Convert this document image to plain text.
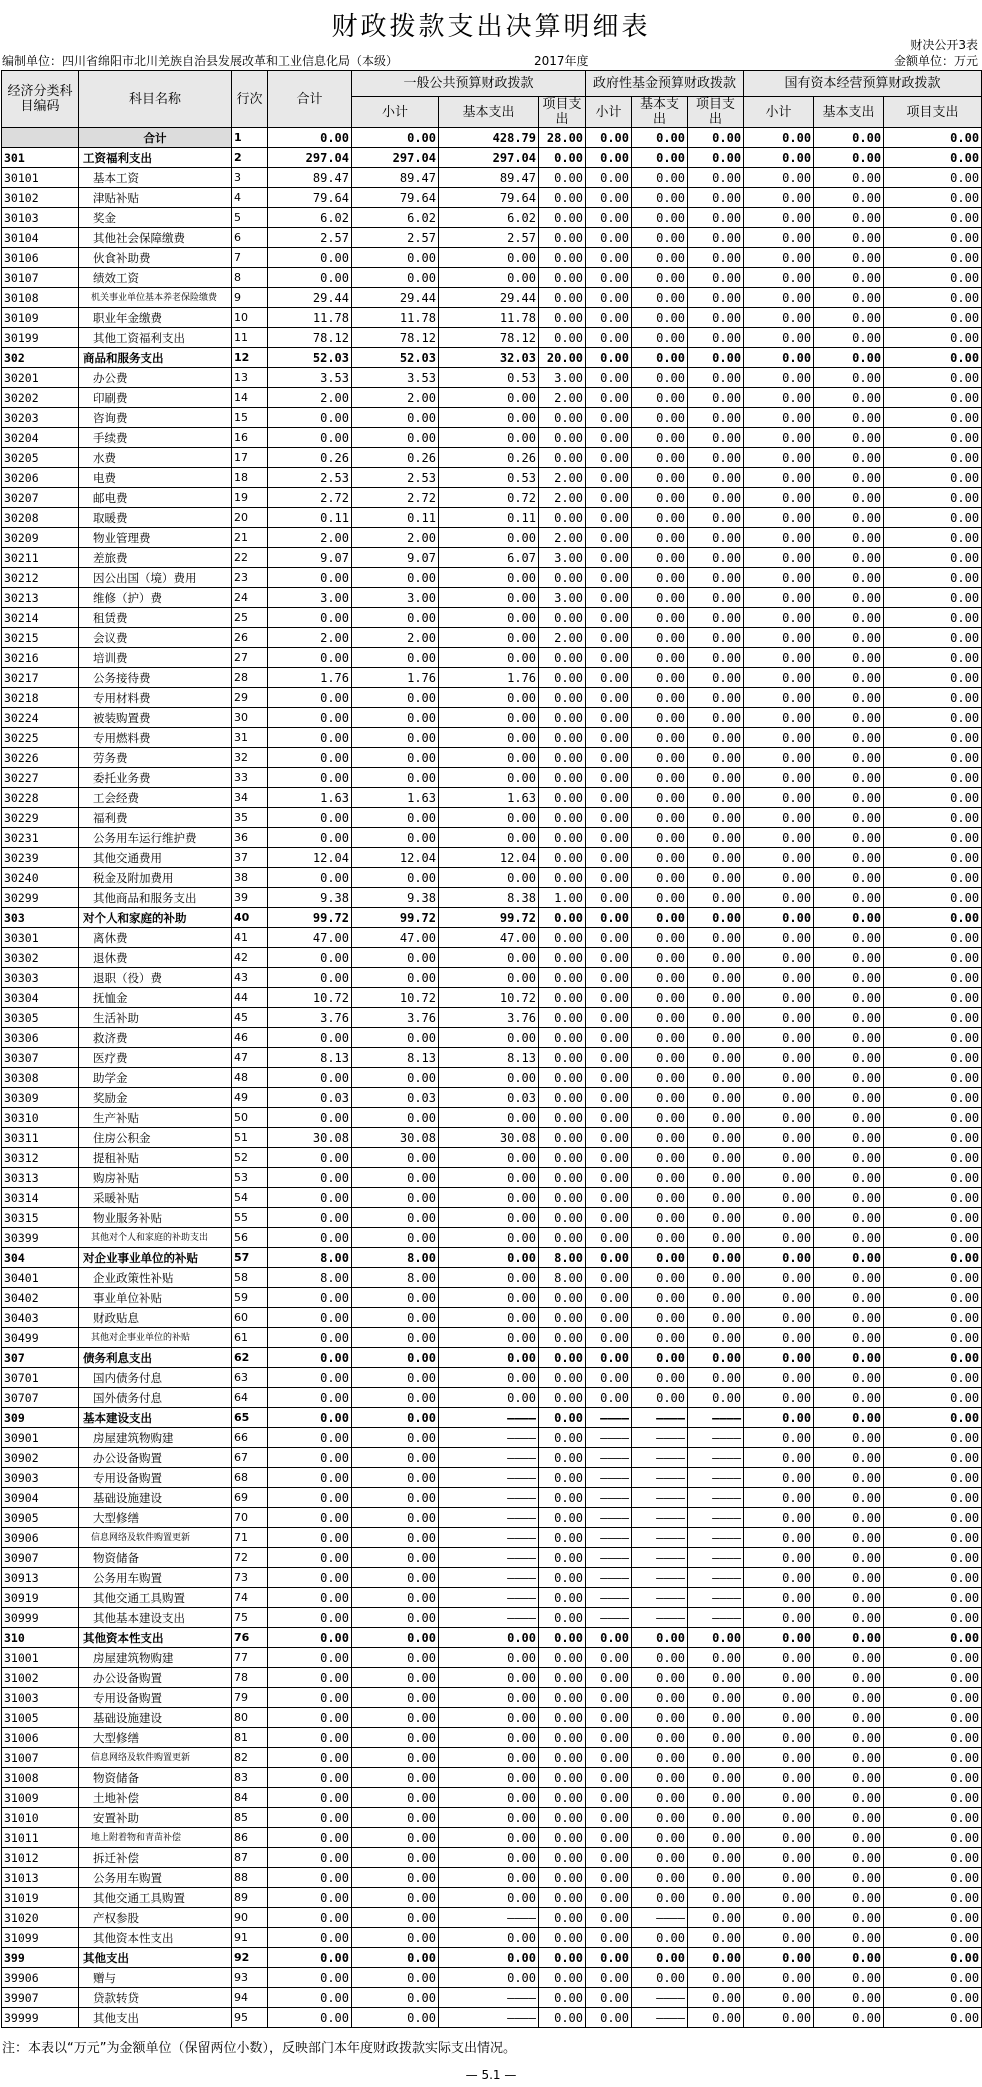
财政拨款支出决算明细表
财决公开3表
编制单位：四川省绵阳市北川羌族自治县发展改革和工业信息化局（本级）	2017年度	金额单位：万元
经济分类科目编码	科目名称	行次	合计	一般公共预算财政拨款			政府性基金预算财政拨款			国有资本经营预算财政拨款		
				小计	基本支出	项目支出	小计	基本支出	项目支出	小计	基本支出	项目支出
	合计	1	0.00	0.00	428.79	28.00	0.00	0.00	0.00	0.00	0.00	0.00
301	工资福利支出	2	297.04	297.04	297.04	0.00	0.00	0.00	0.00	0.00	0.00	0.00
30101	基本工资	3	89.47	89.47	89.47	0.00	0.00	0.00	0.00	0.00	0.00	0.00
30102	津贴补贴	4	79.64	79.64	79.64	0.00	0.00	0.00	0.00	0.00	0.00	0.00
30103	奖金	5	6.02	6.02	6.02	0.00	0.00	0.00	0.00	0.00	0.00	0.00
30104	其他社会保障缴费	6	2.57	2.57	2.57	0.00	0.00	0.00	0.00	0.00	0.00	0.00
30106	伙食补助费	7	0.00	0.00	0.00	0.00	0.00	0.00	0.00	0.00	0.00	0.00
30107	绩效工资	8	0.00	0.00	0.00	0.00	0.00	0.00	0.00	0.00	0.00	0.00
30108	机关事业单位基本养老保险缴费	9	29.44	29.44	29.44	0.00	0.00	0.00	0.00	0.00	0.00	0.00
30109	职业年金缴费	10	11.78	11.78	11.78	0.00	0.00	0.00	0.00	0.00	0.00	0.00
30199	其他工资福利支出	11	78.12	78.12	78.12	0.00	0.00	0.00	0.00	0.00	0.00	0.00
302	商品和服务支出	12	52.03	52.03	32.03	20.00	0.00	0.00	0.00	0.00	0.00	0.00
30201	办公费	13	3.53	3.53	0.53	3.00	0.00	0.00	0.00	0.00	0.00	0.00
30202	印刷费	14	2.00	2.00	0.00	2.00	0.00	0.00	0.00	0.00	0.00	0.00
30203	咨询费	15	0.00	0.00	0.00	0.00	0.00	0.00	0.00	0.00	0.00	0.00
30204	手续费	16	0.00	0.00	0.00	0.00	0.00	0.00	0.00	0.00	0.00	0.00
30205	水费	17	0.26	0.26	0.26	0.00	0.00	0.00	0.00	0.00	0.00	0.00
30206	电费	18	2.53	2.53	0.53	2.00	0.00	0.00	0.00	0.00	0.00	0.00
30207	邮电费	19	2.72	2.72	0.72	2.00	0.00	0.00	0.00	0.00	0.00	0.00
30208	取暖费	20	0.11	0.11	0.11	0.00	0.00	0.00	0.00	0.00	0.00	0.00
30209	物业管理费	21	2.00	2.00	0.00	2.00	0.00	0.00	0.00	0.00	0.00	0.00
30211	差旅费	22	9.07	9.07	6.07	3.00	0.00	0.00	0.00	0.00	0.00	0.00
30212	因公出国（境）费用	23	0.00	0.00	0.00	0.00	0.00	0.00	0.00	0.00	0.00	0.00
30213	维修（护）费	24	3.00	3.00	0.00	3.00	0.00	0.00	0.00	0.00	0.00	0.00
30214	租赁费	25	0.00	0.00	0.00	0.00	0.00	0.00	0.00	0.00	0.00	0.00
30215	会议费	26	2.00	2.00	0.00	2.00	0.00	0.00	0.00	0.00	0.00	0.00
30216	培训费	27	0.00	0.00	0.00	0.00	0.00	0.00	0.00	0.00	0.00	0.00
30217	公务接待费	28	1.76	1.76	1.76	0.00	0.00	0.00	0.00	0.00	0.00	0.00
30218	专用材料费	29	0.00	0.00	0.00	0.00	0.00	0.00	0.00	0.00	0.00	0.00
30224	被装购置费	30	0.00	0.00	0.00	0.00	0.00	0.00	0.00	0.00	0.00	0.00
30225	专用燃料费	31	0.00	0.00	0.00	0.00	0.00	0.00	0.00	0.00	0.00	0.00
30226	劳务费	32	0.00	0.00	0.00	0.00	0.00	0.00	0.00	0.00	0.00	0.00
30227	委托业务费	33	0.00	0.00	0.00	0.00	0.00	0.00	0.00	0.00	0.00	0.00
30228	工会经费	34	1.63	1.63	1.63	0.00	0.00	0.00	0.00	0.00	0.00	0.00
30229	福利费	35	0.00	0.00	0.00	0.00	0.00	0.00	0.00	0.00	0.00	0.00
30231	公务用车运行维护费	36	0.00	0.00	0.00	0.00	0.00	0.00	0.00	0.00	0.00	0.00
30239	其他交通费用	37	12.04	12.04	12.04	0.00	0.00	0.00	0.00	0.00	0.00	0.00
30240	税金及附加费用	38	0.00	0.00	0.00	0.00	0.00	0.00	0.00	0.00	0.00	0.00
30299	其他商品和服务支出	39	9.38	9.38	8.38	1.00	0.00	0.00	0.00	0.00	0.00	0.00
303	对个人和家庭的补助	40	99.72	99.72	99.72	0.00	0.00	0.00	0.00	0.00	0.00	0.00
30301	离休费	41	47.00	47.00	47.00	0.00	0.00	0.00	0.00	0.00	0.00	0.00
30302	退休费	42	0.00	0.00	0.00	0.00	0.00	0.00	0.00	0.00	0.00	0.00
30303	退职（役）费	43	0.00	0.00	0.00	0.00	0.00	0.00	0.00	0.00	0.00	0.00
30304	抚恤金	44	10.72	10.72	10.72	0.00	0.00	0.00	0.00	0.00	0.00	0.00
30305	生活补助	45	3.76	3.76	3.76	0.00	0.00	0.00	0.00	0.00	0.00	0.00
30306	救济费	46	0.00	0.00	0.00	0.00	0.00	0.00	0.00	0.00	0.00	0.00
30307	医疗费	47	8.13	8.13	8.13	0.00	0.00	0.00	0.00	0.00	0.00	0.00
30308	助学金	48	0.00	0.00	0.00	0.00	0.00	0.00	0.00	0.00	0.00	0.00
30309	奖励金	49	0.03	0.03	0.03	0.00	0.00	0.00	0.00	0.00	0.00	0.00
30310	生产补贴	50	0.00	0.00	0.00	0.00	0.00	0.00	0.00	0.00	0.00	0.00
30311	住房公积金	51	30.08	30.08	30.08	0.00	0.00	0.00	0.00	0.00	0.00	0.00
30312	提租补贴	52	0.00	0.00	0.00	0.00	0.00	0.00	0.00	0.00	0.00	0.00
30313	购房补贴	53	0.00	0.00	0.00	0.00	0.00	0.00	0.00	0.00	0.00	0.00
30314	采暖补贴	54	0.00	0.00	0.00	0.00	0.00	0.00	0.00	0.00	0.00	0.00
30315	物业服务补贴	55	0.00	0.00	0.00	0.00	0.00	0.00	0.00	0.00	0.00	0.00
30399	其他对个人和家庭的补助支出	56	0.00	0.00	0.00	0.00	0.00	0.00	0.00	0.00	0.00	0.00
304	对企业事业单位的补贴	57	8.00	8.00	0.00	8.00	0.00	0.00	0.00	0.00	0.00	0.00
30401	企业政策性补贴	58	8.00	8.00	0.00	8.00	0.00	0.00	0.00	0.00	0.00	0.00
30402	事业单位补贴	59	0.00	0.00	0.00	0.00	0.00	0.00	0.00	0.00	0.00	0.00
30403	财政贴息	60	0.00	0.00	0.00	0.00	0.00	0.00	0.00	0.00	0.00	0.00
30499	其他对企事业单位的补贴	61	0.00	0.00	0.00	0.00	0.00	0.00	0.00	0.00	0.00	0.00
307	债务利息支出	62	0.00	0.00	0.00	0.00	0.00	0.00	0.00	0.00	0.00	0.00
30701	国内债务付息	63	0.00	0.00	0.00	0.00	0.00	0.00	0.00	0.00	0.00	0.00
30707	国外债务付息	64	0.00	0.00	0.00	0.00	0.00	0.00	0.00	0.00	0.00	0.00
309	基本建设支出	65	0.00	0.00	————	0.00	————	————	————	0.00	0.00	0.00
30901	房屋建筑物购建	66	0.00	0.00	————	0.00	————	————	————	0.00	0.00	0.00
30902	办公设备购置	67	0.00	0.00	————	0.00	————	————	————	0.00	0.00	0.00
30903	专用设备购置	68	0.00	0.00	————	0.00	————	————	————	0.00	0.00	0.00
30904	基础设施建设	69	0.00	0.00	————	0.00	————	————	————	0.00	0.00	0.00
30905	大型修缮	70	0.00	0.00	————	0.00	————	————	————	0.00	0.00	0.00
30906	信息网络及软件购置更新	71	0.00	0.00	————	0.00	————	————	————	0.00	0.00	0.00
30907	物资储备	72	0.00	0.00	————	0.00	————	————	————	0.00	0.00	0.00
30913	公务用车购置	73	0.00	0.00	————	0.00	————	————	————	0.00	0.00	0.00
30919	其他交通工具购置	74	0.00	0.00	————	0.00	————	————	————	0.00	0.00	0.00
30999	其他基本建设支出	75	0.00	0.00	————	0.00	————	————	————	0.00	0.00	0.00
310	其他资本性支出	76	0.00	0.00	0.00	0.00	0.00	0.00	0.00	0.00	0.00	0.00
31001	房屋建筑物购建	77	0.00	0.00	0.00	0.00	0.00	0.00	0.00	0.00	0.00	0.00
31002	办公设备购置	78	0.00	0.00	0.00	0.00	0.00	0.00	0.00	0.00	0.00	0.00
31003	专用设备购置	79	0.00	0.00	0.00	0.00	0.00	0.00	0.00	0.00	0.00	0.00
31005	基础设施建设	80	0.00	0.00	0.00	0.00	0.00	0.00	0.00	0.00	0.00	0.00
31006	大型修缮	81	0.00	0.00	0.00	0.00	0.00	0.00	0.00	0.00	0.00	0.00
31007	信息网络及软件购置更新	82	0.00	0.00	0.00	0.00	0.00	0.00	0.00	0.00	0.00	0.00
31008	物资储备	83	0.00	0.00	0.00	0.00	0.00	0.00	0.00	0.00	0.00	0.00
31009	土地补偿	84	0.00	0.00	0.00	0.00	0.00	0.00	0.00	0.00	0.00	0.00
31010	安置补助	85	0.00	0.00	0.00	0.00	0.00	0.00	0.00	0.00	0.00	0.00
31011	地上附着物和青苗补偿	86	0.00	0.00	0.00	0.00	0.00	0.00	0.00	0.00	0.00	0.00
31012	拆迁补偿	87	0.00	0.00	0.00	0.00	0.00	0.00	0.00	0.00	0.00	0.00
31013	公务用车购置	88	0.00	0.00	0.00	0.00	0.00	0.00	0.00	0.00	0.00	0.00
31019	其他交通工具购置	89	0.00	0.00	0.00	0.00	0.00	0.00	0.00	0.00	0.00	0.00
31020	产权参股	90	0.00	0.00	————	0.00	0.00	————	0.00	0.00	0.00	0.00
31099	其他资本性支出	91	0.00	0.00	0.00	0.00	0.00	0.00	0.00	0.00	0.00	0.00
399	其他支出	92	0.00	0.00	0.00	0.00	0.00	0.00	0.00	0.00	0.00	0.00
39906	赠与	93	0.00	0.00	0.00	0.00	0.00	0.00	0.00	0.00	0.00	0.00
39907	贷款转贷	94	0.00	0.00	————	0.00	0.00	————	0.00	0.00	0.00	0.00
39999	其他支出	95	0.00	0.00	————	0.00	0.00	————	0.00	0.00	0.00	0.00
注：本表以“万元”为金额单位（保留两位小数），反映部门本年度财政拨款实际支出情况。
— 5.1 —
